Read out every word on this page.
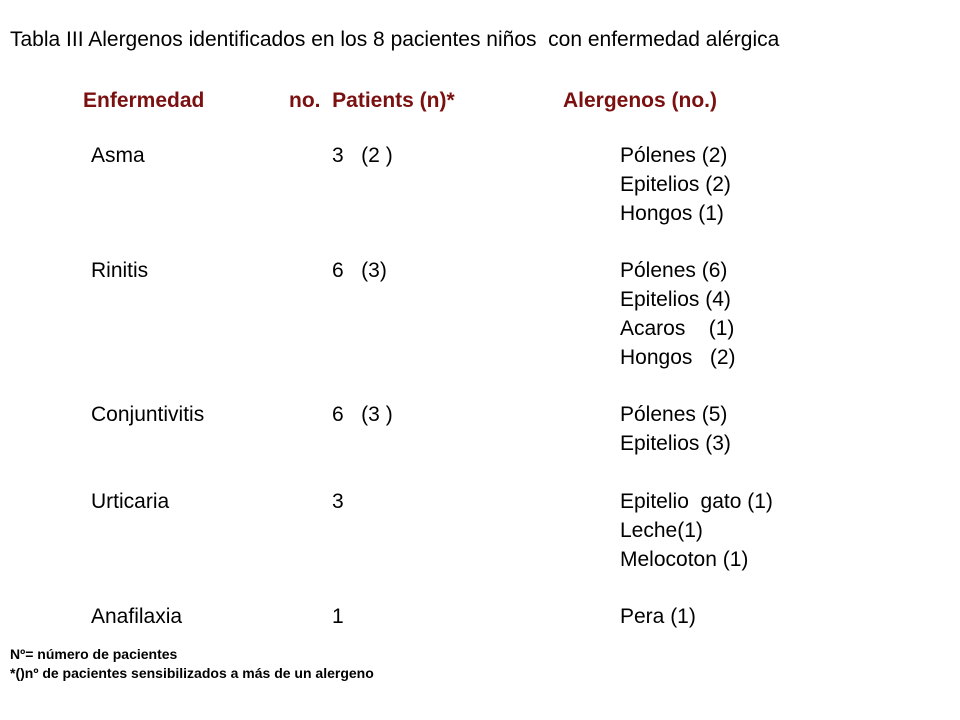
Tabla III Alergenos identificados en los 8 pacientes niños  con enfermedad alérgica
Enfermedad	no.  Patients (n)*	Alergenos (no.)
Asma	3   (2 )	Pólenes (2)
Epitelios (2)
Hongos (1)
Rinitis	6   (3)	Pólenes (6)
Epitelios (4)
Acaros    (1)
Hongos   (2)
Conjuntivitis	6   (3 )	Pólenes (5)
Epitelios (3)
Urticaria	3	Epitelio  gato (1)
Leche(1)
Melocoton (1)
Anafilaxia	1	Pera (1)
Nº= número de pacientes
*()nº de pacientes sensibilizados a más de un alergeno
